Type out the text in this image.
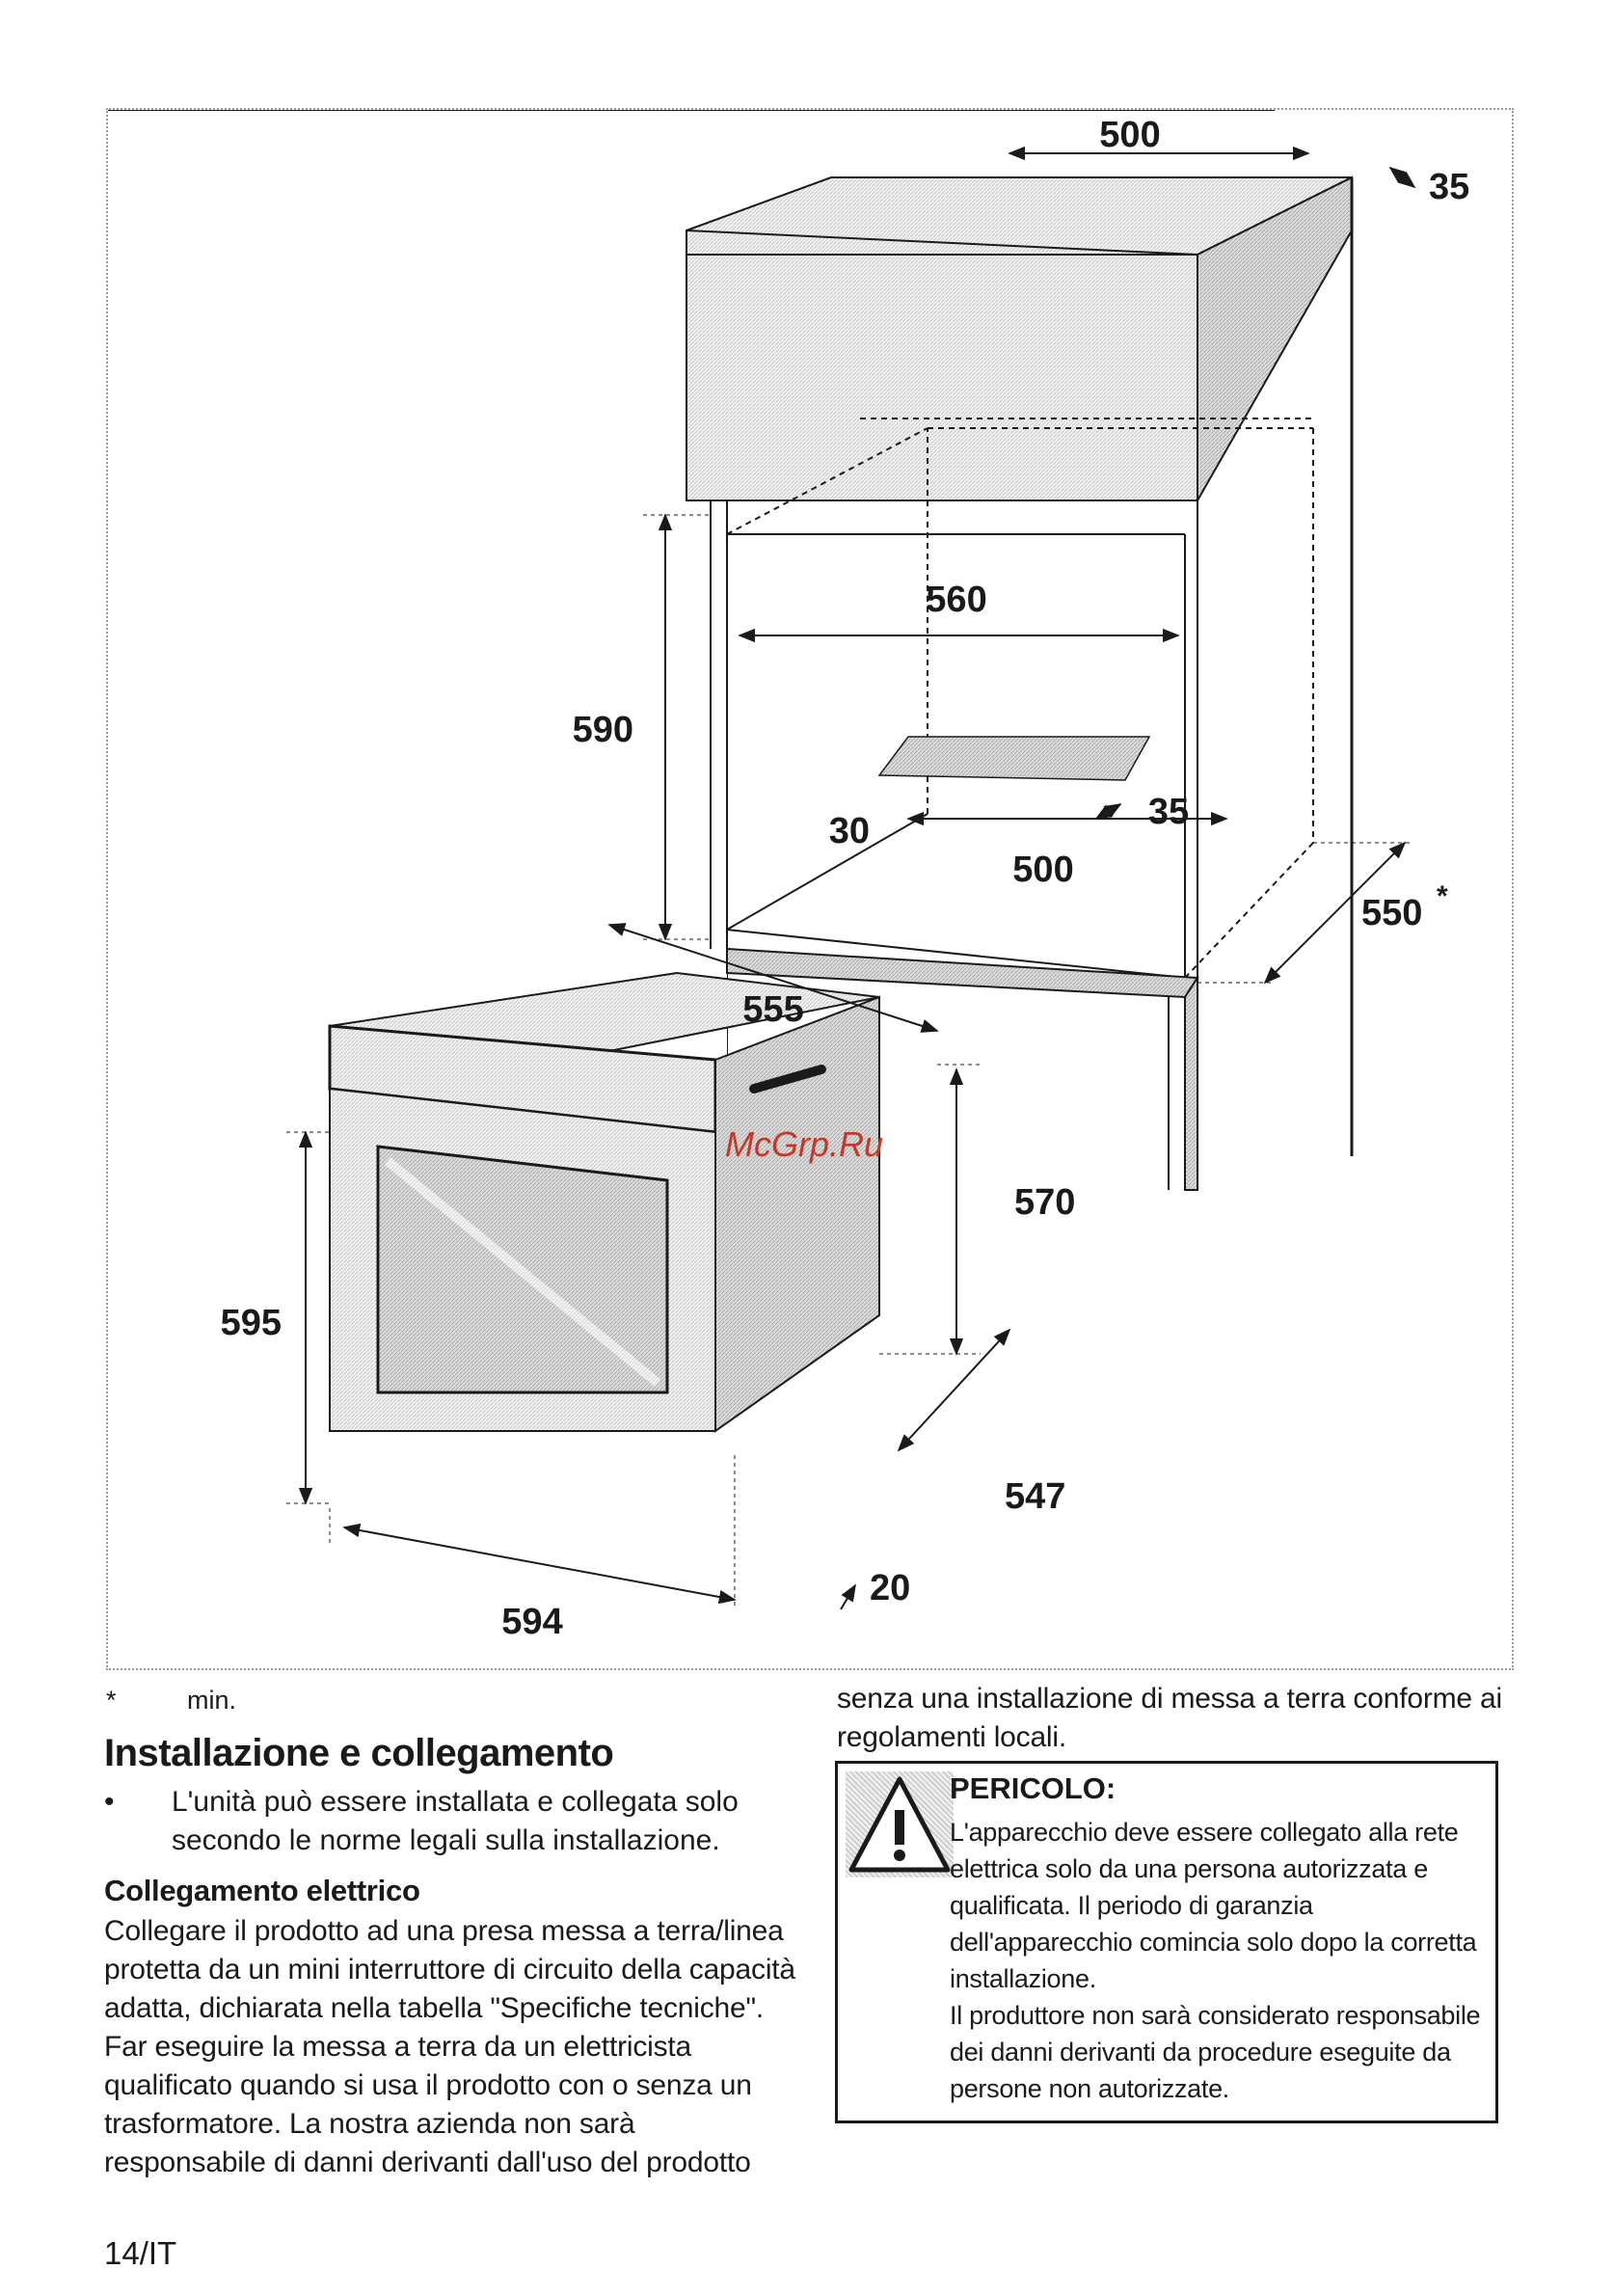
500
35
560
590
30	35
500
550 *
555
570
595
547
20
594
McGrp.Ru
*	min.
Installazione e collegamento
• L'unità può essere installata e collegata solo secondo le norme legali sulla installazione.
Collegamento elettrico

Collegare il prodotto ad una presa messa a terra/linea protetta da un mini interruttore di circuito della capacità adatta, dichiarata nella tabella "Specifiche tecniche". Far eseguire la messa a terra da un elettricista qualificato quando si usa il prodotto con o senza un trasformatore. La nostra azienda non sarà responsabile di danni derivanti dall'uso del prodotto

senza una installazione di messa a terra conforme ai regolamenti locali.
PERICOLO:
L'apparecchio deve essere collegato alla rete elettrica solo da una persona autorizzata e qualificata. Il periodo di garanzia dell'apparecchio comincia solo dopo la corretta installazione.
Il produttore non sarà considerato responsabile dei danni derivanti da procedure eseguite da persone non autorizzate.
14/IT
